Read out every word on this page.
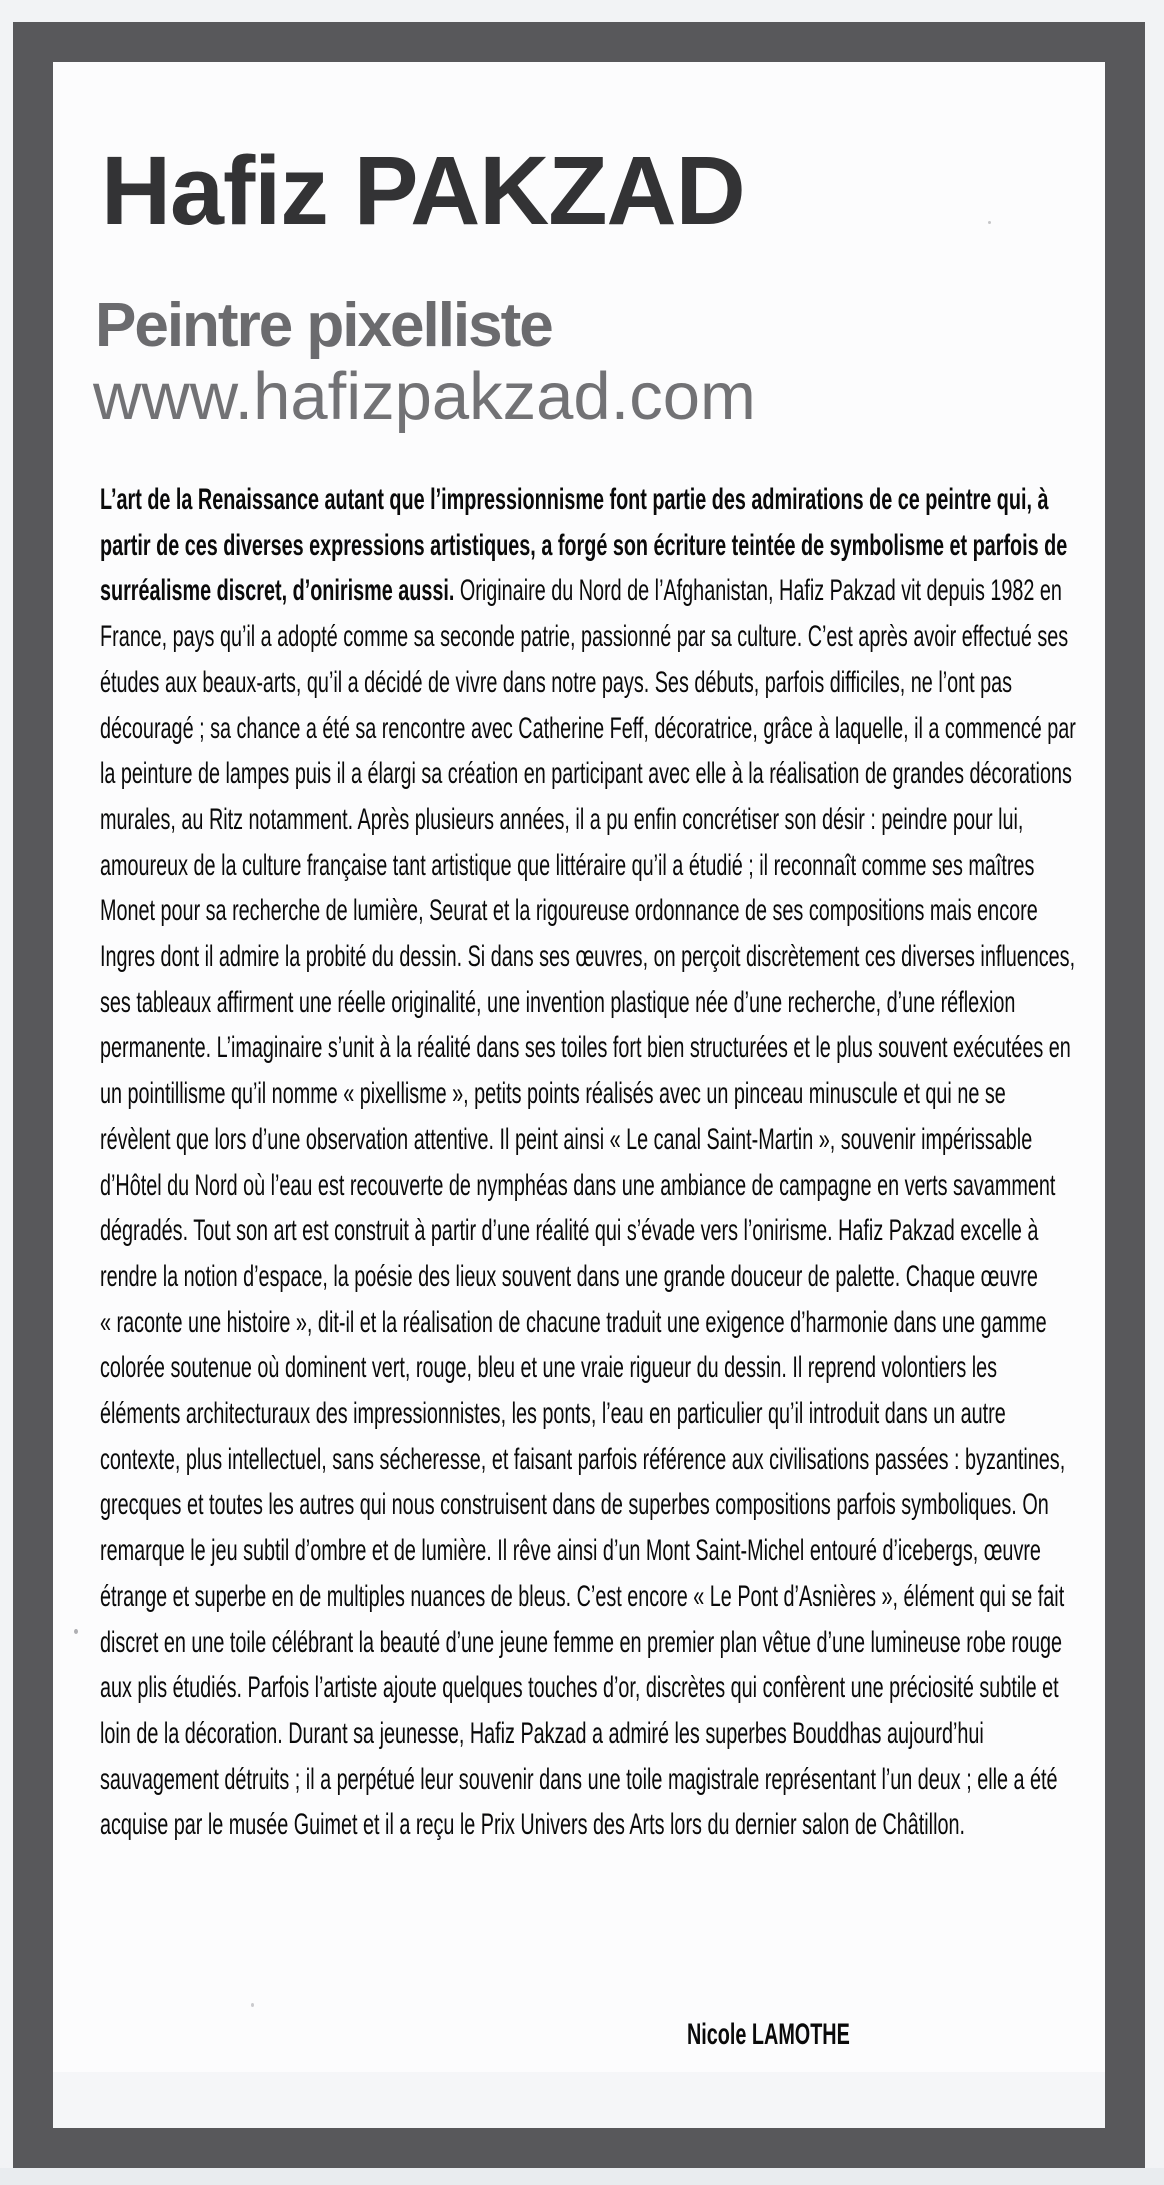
Hafiz PAKZAD
Peintre pixelliste
www.hafizpakzad.com

L’art de la Renaissance autant que l’impressionnisme font partie des admirations de ce peintre qui, à partir de ces diverses expressions artistiques, a forgé son écriture teintée de symbolisme et parfois de surréalisme discret, d’onirisme aussi. Originaire du Nord de l’Afghanistan, Hafiz Pakzad vit depuis 1982 en France, pays qu’il a adopté comme sa seconde patrie, passionné par sa culture. C’est après avoir effectué ses études aux beaux-arts, qu’il a décidé de vivre dans notre pays. Ses débuts, parfois difficiles, ne l’ont pas découragé ; sa chance a été sa rencontre avec Catherine Feff, décoratrice, grâce à laquelle, il a commencé par la peinture de lampes puis il a élargi sa création en participant avec elle à la réalisation de grandes décorations murales, au Ritz notamment. Après plusieurs années, il a pu enfin concrétiser son désir : peindre pour lui, amoureux de la culture française tant artistique que littéraire qu’il a étudié ; il reconnaît comme ses maîtres Monet pour sa recherche de lumière, Seurat et la rigoureuse ordonnance de ses compositions mais encore Ingres dont il admire la probité du dessin. Si dans ses œuvres, on perçoit discrètement ces diverses influences, ses tableaux affirment une réelle originalité, une invention plastique née d’une recherche, d’une réflexion permanente. L’imaginaire s’unit à la réalité dans ses toiles fort bien structurées et le plus souvent exécutées en un pointillisme qu’il nomme « pixellisme », petits points réalisés avec un pinceau minuscule et qui ne se révèlent que lors d’une observation attentive. Il peint ainsi « Le canal Saint-Martin », souvenir impérissable d’Hôtel du Nord où l’eau est recouverte de nymphéas dans une ambiance de campagne en verts savamment dégradés. Tout son art est construit à partir d’une réalité qui s’évade vers l’onirisme. Hafiz Pakzad excelle à rendre la notion d’espace, la poésie des lieux souvent dans une grande douceur de palette. Chaque œuvre « raconte une histoire », dit-il et la réalisation de chacune traduit une exigence d’harmonie dans une gamme colorée soutenue où dominent vert, rouge, bleu et une vraie rigueur du dessin. Il reprend volontiers les éléments architecturaux des impressionnistes, les ponts, l’eau en particulier qu’il introduit dans un autre contexte, plus intellectuel, sans sécheresse, et faisant parfois référence aux civilisations passées : byzantines, grecques et toutes les autres qui nous construisent dans de superbes compositions parfois symboliques. On remarque le jeu subtil d’ombre et de lumière. Il rêve ainsi d’un Mont Saint-Michel entouré d’icebergs, œuvre étrange et superbe en de multiples nuances de bleus. C’est encore « Le Pont d’Asnières », élément qui se fait discret en une toile célébrant la beauté d’une jeune femme en premier plan vêtue d’une lumineuse robe rouge aux plis étudiés. Parfois l’artiste ajoute quelques touches d’or, discrètes qui confèrent une préciosité subtile et loin de la décoration. Durant sa jeunesse, Hafiz Pakzad a admiré les superbes Bouddhas aujourd’hui sauvagement détruits ; il a perpétué leur souvenir dans une toile magistrale représentant l’un deux ; elle a été acquise par le musée Guimet et il a reçu le Prix Univers des Arts lors du dernier salon de Châtillon.

Nicole LAMOTHE
